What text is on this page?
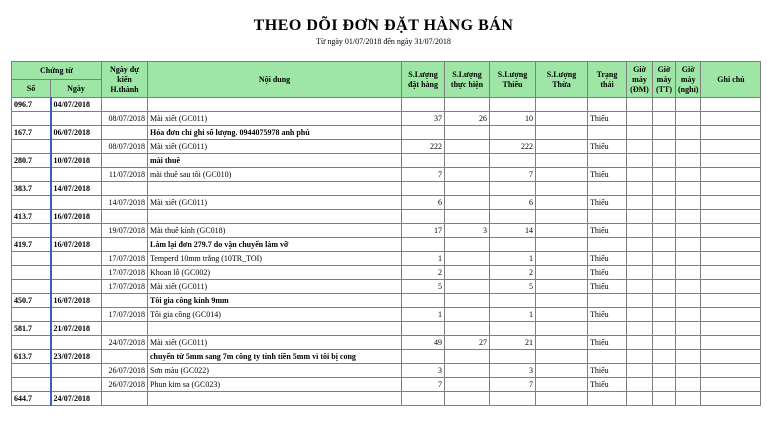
THEO DÕI ĐƠN ĐẶT HÀNG BÁN
Từ ngày 01/07/2018 đến ngày 31/07/2018
Chứng từ		Ngày dự kiến H.thành	Nội dung	S.Lượng đặt hàng	S.Lượng thực hiện	S.Lượng Thiếu	S.Lượng Thừa	Trạng thái	Giờ máy (ĐM)	Giờ máy (TT)	Giờ máy (nghỉ)	Ghi chú
Số	Ngày											
096.7	04/07/2018											
		08/07/2018	Mài xiết (GC011)	37	26	10		Thiếu				
167.7	06/07/2018		Hóa đơn chỉ ghi số lượng. 0944075978 anh phú									
		08/07/2018	Mài xiết (GC011)	222		222		Thiếu				
280.7	10/07/2018		mài thuê									
		11/07/2018	mài thuê sau tôi (GC010)	7		7		Thiếu				
383.7	14/07/2018											
		14/07/2018	Mài xiết (GC011)	6		6		Thiếu				
413.7	16/07/2018											
		19/07/2018	Mài thuê kính (GC018)	17	3	14		Thiếu				
419.7	16/07/2018		Làm lại đơn 279.7 do vận chuyển làm vỡ									
		17/07/2018	Temperd 10mm trắng (10TR_TOI)	1		1		Thiếu				
		17/07/2018	Khoan lỗ (GC002)	2		2		Thiếu				
		17/07/2018	Mài xiết (GC011)	5		5		Thiếu				
450.7	16/07/2018		Tôi gia công kính 9mm									
		17/07/2018	Tôi gia công (GC014)	1		1		Thiếu				
581.7	21/07/2018											
		24/07/2018	Mài xiết (GC011)	49	27	21		Thiếu				
613.7	23/07/2018		chuyển từ 5mm sang 7m công ty tính tiền 5mm vì tôi bị cong									
		26/07/2018	Sơn màu (GC022)	3		3		Thiếu				
		26/07/2018	Phun kim sa (GC023)	7		7		Thiếu				
644.7	24/07/2018											
